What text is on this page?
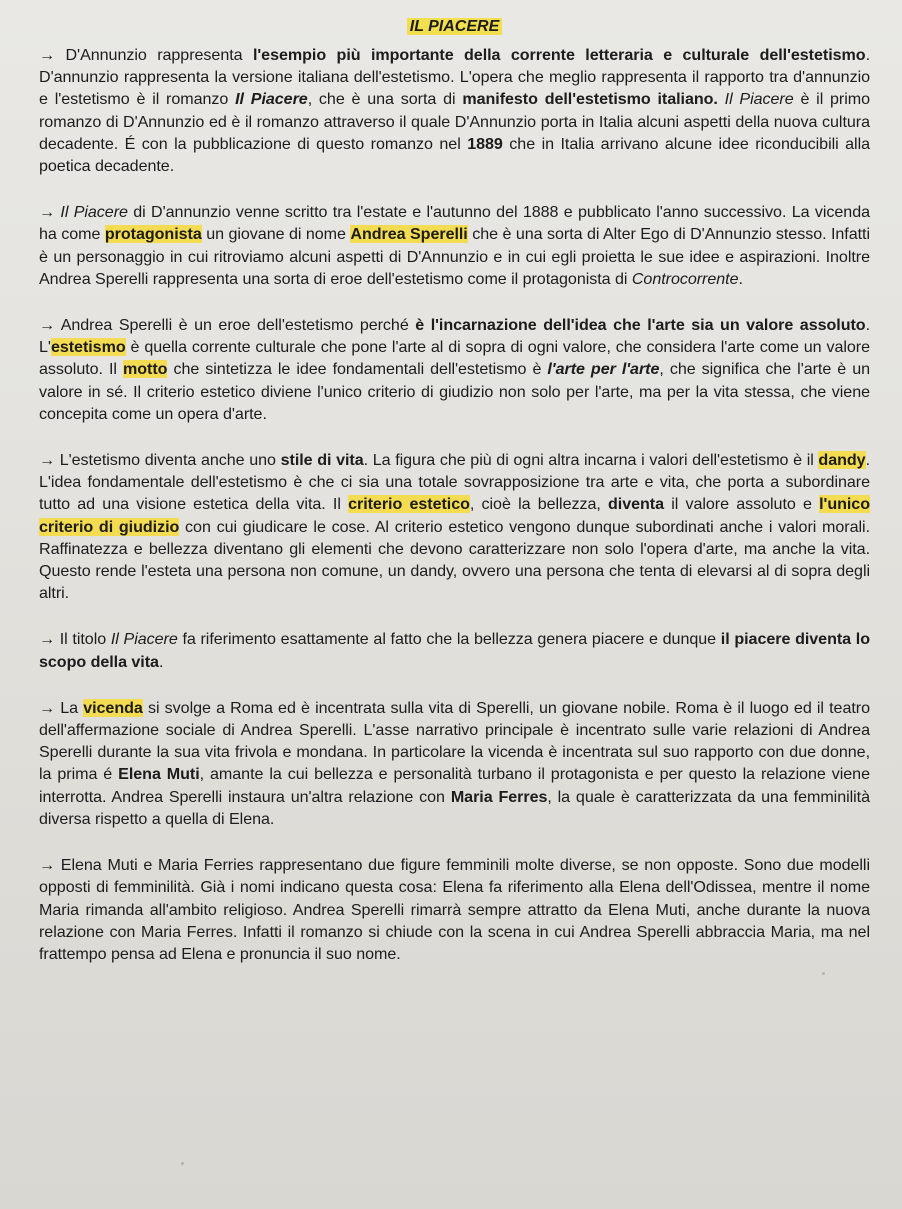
IL PIACERE

→ D'Annunzio rappresenta l'esempio più importante della corrente letteraria e culturale dell'estetismo. D'annunzio rappresenta la versione italiana dell'estetismo. L'opera che meglio rappresenta il rapporto tra d'annunzio e l'estetismo è il romanzo Il Piacere, che è una sorta di manifesto dell'estetismo italiano. Il Piacere è il primo romanzo di D'Annunzio ed è il romanzo attraverso il quale D'Annunzio porta in Italia alcuni aspetti della nuova cultura decadente. É con la pubblicazione di questo romanzo nel 1889 che in Italia arrivano alcune idee riconducibili alla poetica decadente.

→ Il Piacere di D'annunzio venne scritto tra l'estate e l'autunno del 1888 e pubblicato l'anno successivo. La vicenda ha come protagonista un giovane di nome Andrea Sperelli che è una sorta di Alter Ego di D'Annunzio stesso. Infatti è un personaggio in cui ritroviamo alcuni aspetti di D'Annunzio e in cui egli proietta le sue idee e aspirazioni. Inoltre Andrea Sperelli rappresenta una sorta di eroe dell'estetismo come il protagonista di Controcorrente.

→ Andrea Sperelli è un eroe dell'estetismo perché è l'incarnazione dell'idea che l'arte sia un valore assoluto. L'estetismo è quella corrente culturale che pone l'arte al di sopra di ogni valore, che considera l'arte come un valore assoluto. Il motto che sintetizza le idee fondamentali dell'estetismo è l'arte per l'arte, che significa che l'arte è un valore in sé. Il criterio estetico diviene l'unico criterio di giudizio non solo per l'arte, ma per la vita stessa, che viene concepita come un opera d'arte.

→ L'estetismo diventa anche uno stile di vita. La figura che più di ogni altra incarna i valori dell'estetismo è il dandy. L'idea fondamentale dell'estetismo è che ci sia una totale sovrapposizione tra arte e vita, che porta a subordinare tutto ad una visione estetica della vita. Il criterio estetico, cioè la bellezza, diventa il valore assoluto e l'unico criterio di giudizio con cui giudicare le cose. Al criterio estetico vengono dunque subordinati anche i valori morali. Raffinatezza e bellezza diventano gli elementi che devono caratterizzare non solo l'opera d'arte, ma anche la vita. Questo rende l'esteta una persona non comune, un dandy, ovvero una persona che tenta di elevarsi al di sopra degli altri.

→ Il titolo Il Piacere fa riferimento esattamente al fatto che la bellezza genera piacere e dunque il piacere diventa lo scopo della vita.

→ La vicenda si svolge a Roma ed è incentrata sulla vita di Sperelli, un giovane nobile. Roma è il luogo ed il teatro dell'affermazione sociale di Andrea Sperelli. L'asse narrativo principale è incentrato sulle varie relazioni di Andrea Sperelli durante la sua vita frivola e mondana. In particolare la vicenda è incentrata sul suo rapporto con due donne, la prima é Elena Muti, amante la cui bellezza e personalità turbano il protagonista e per questo la relazione viene interrotta. Andrea Sperelli instaura un'altra relazione con Maria Ferres, la quale è caratterizzata da una femminilità diversa rispetto a quella di Elena.

→ Elena Muti e Maria Ferries rappresentano due figure femminili molte diverse, se non opposte. Sono due modelli opposti di femminilità. Già i nomi indicano questa cosa: Elena fa riferimento alla Elena dell'Odissea, mentre il nome Maria rimanda all'ambito religioso. Andrea Sperelli rimarrà sempre attratto da Elena Muti, anche durante la nuova relazione con Maria Ferres. Infatti il romanzo si chiude con la scena in cui Andrea Sperelli abbraccia Maria, ma nel frattempo pensa ad Elena e pronuncia il suo nome.
